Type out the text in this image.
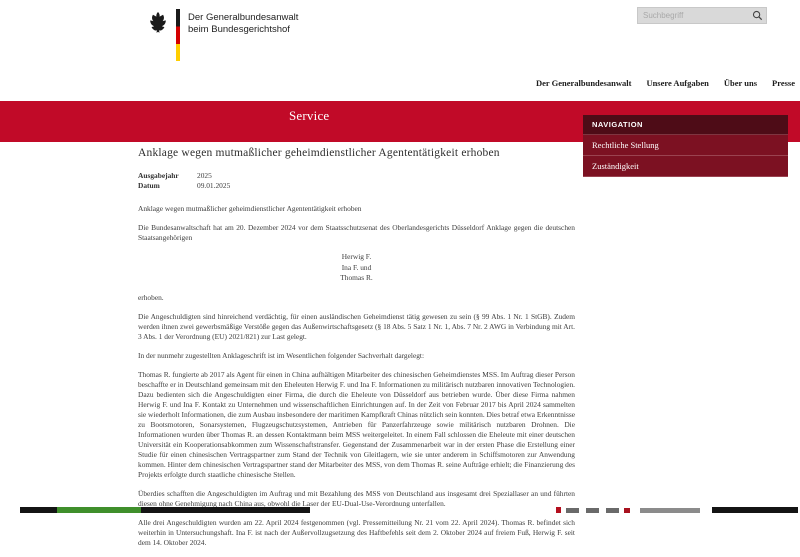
Der Generalbundesanwalt
beim Bundesgerichtshof
Suchbegriff
Der Generalbundesanwalt Unsere Aufgaben Über uns Presse
Service
NAVIGATION
Rechtliche Stellung
Zuständigkeit
Anklage wegen mutmaßlicher geheimdienstlicher Agententätigkeit erhoben
Ausgabejahr	2025
Datum	09.01.2025

Anklage wegen mutmaßlicher geheimdienstlicher Agententätigkeit erhoben

Die Bundesanwaltschaft hat am 20. Dezember 2024 vor dem Staatsschutzsenat des Oberlandesgerichts Düsseldorf Anklage gegen die deutschen Staatsangehörigen

Herwig F.
Ina F. und
Thomas R.

erhoben.

Die Angeschuldigten sind hinreichend verdächtig, für einen ausländischen Geheimdienst tätig gewesen zu sein (§ 99 Abs. 1 Nr. 1 StGB). Zudem werden ihnen zwei gewerbsmäßige Verstöße gegen das Außenwirtschaftsgesetz (§ 18 Abs. 5 Satz 1 Nr. 1, Abs. 7 Nr. 2 AWG in Verbindung mit Art. 3 Abs. 1 der Verordnung (EU) 2021/821) zur Last gelegt.

In der nunmehr zugestellten Anklageschrift ist im Wesentlichen folgender Sachverhalt dargelegt:

Thomas R. fungierte ab 2017 als Agent für einen in China aufhältigen Mitarbeiter des chinesischen Geheimdienstes MSS. Im Auftrag dieser Person beschaffte er in Deutschland gemeinsam mit den Eheleuten Herwig F. und Ina F. Informationen zu militärisch nutzbaren innovativen Technologien. Dazu bedienten sich die Angeschuldigten einer Firma, die durch die Eheleute von Düsseldorf aus betrieben wurde. Über diese Firma nahmen Herwig F. und Ina F. Kontakt zu Unternehmen und wissenschaftlichen Einrichtungen auf. In der Zeit von Februar 2017 bis April 2024 sammelten sie wiederholt Informationen, die zum Ausbau insbesondere der maritimen Kampfkraft Chinas nützlich sein konnten. Dies betraf etwa Erkenntnisse zu Bootsmotoren, Sonarsystemen, Flugzeugschutzsystemen, Antrieben für Panzerfahrzeuge sowie militärisch nutzbaren Drohnen. Die Informationen wurden über Thomas R. an dessen Kontaktmann beim MSS weitergeleitet. In einem Fall schlossen die Eheleute mit einer deutschen Universität ein Kooperationsabkommen zum Wissenschaftstransfer. Gegenstand der Zusammenarbeit war in der ersten Phase die Erstellung einer Studie für einen chinesischen Vertragspartner zum Stand der Technik von Gleitlagern, wie sie unter anderem in Schiffsmotoren zur Anwendung kommen. Hinter dem chinesischen Vertragspartner stand der Mitarbeiter des MSS, von dem Thomas R. seine Aufträge erhielt; die Finanzierung des Projekts erfolgte durch staatliche chinesische Stellen.

Überdies schafften die Angeschuldigten im Auftrag und mit Bezahlung des MSS von Deutschland aus insgesamt drei Speziallaser an und führten diesen ohne Genehmigung nach China aus, obwohl die Laser der EU-Dual-Use-Verordnung unterfallen.

Alle drei Angeschuldigten wurden am 22. April 2024 festgenommen (vgl. Pressemitteilung Nr. 21 vom 22. April 2024). Thomas R. befindet sich weiterhin in Untersuchungshaft. Ina F. ist nach der Außervollzugsetzung des Haftbefehls seit dem 2. Oktober 2024 auf freiem Fuß, Herwig F. seit dem 14. Oktober 2024.
